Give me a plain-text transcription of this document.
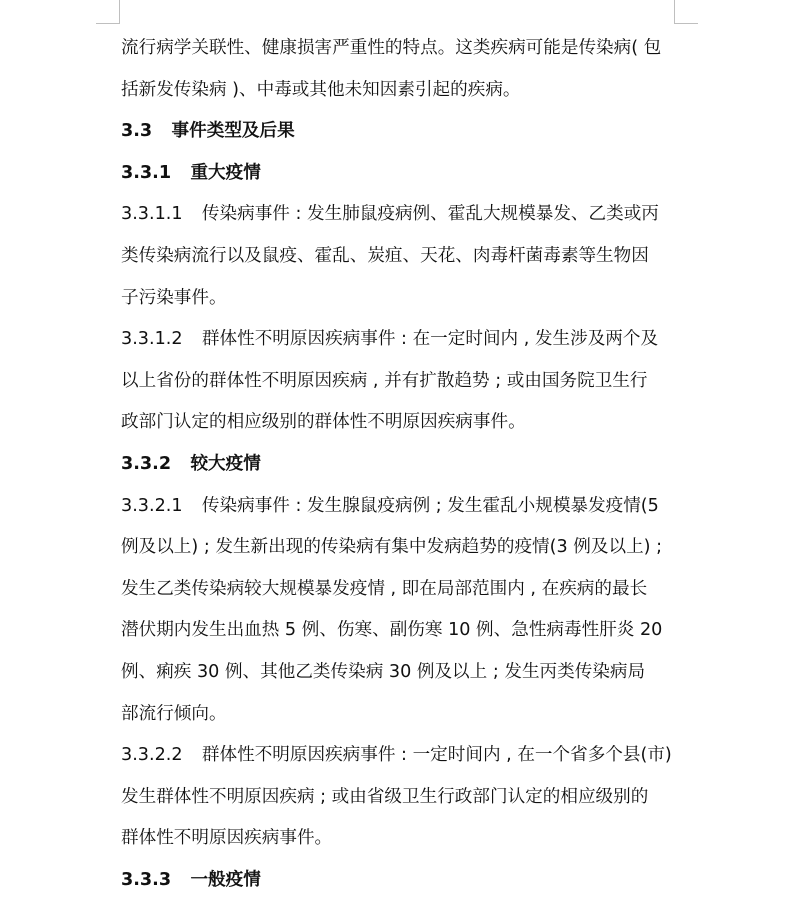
流行病学关联性、健康损害严重性的特点。这类疾病可能是传染病( 包
括新发传染病 )、中毒或其他未知因素引起的疾病。
3.3 事件类型及后果
3.3.1 重大疫情
3.3.1.1 传染病事件 : 发生肺鼠疫病例、霍乱大规模暴发、乙类或丙
类传染病流行以及鼠疫、霍乱、炭疽、天花、肉毒杆菌毒素等生物因
子污染事件。
3.3.1.2 群体性不明原因疾病事件 : 在一定时间内 , 发生涉及两个及
以上省份的群体性不明原因疾病 , 并有扩散趋势 ; 或由国务院卫生行
政部门认定的相应级别的群体性不明原因疾病事件。
3.3.2 较大疫情
3.3.2.1 传染病事件 : 发生腺鼠疫病例 ; 发生霍乱小规模暴发疫情(5
例及以上) ; 发生新出现的传染病有集中发病趋势的疫情(3 例及以上) ;
发生乙类传染病较大规模暴发疫情 , 即在局部范围内 , 在疾病的最长
潜伏期内发生出血热 5 例、伤寒、副伤寒 10 例、急性病毒性肝炎 20
例、痢疾 30 例、其他乙类传染病 30 例及以上 ; 发生丙类传染病局
部流行倾向。
3.3.2.2 群体性不明原因疾病事件 : 一定时间内 , 在一个省多个县(市)
发生群体性不明原因疾病 ; 或由省级卫生行政部门认定的相应级别的
群体性不明原因疾病事件。
3.3.3 一般疫情
